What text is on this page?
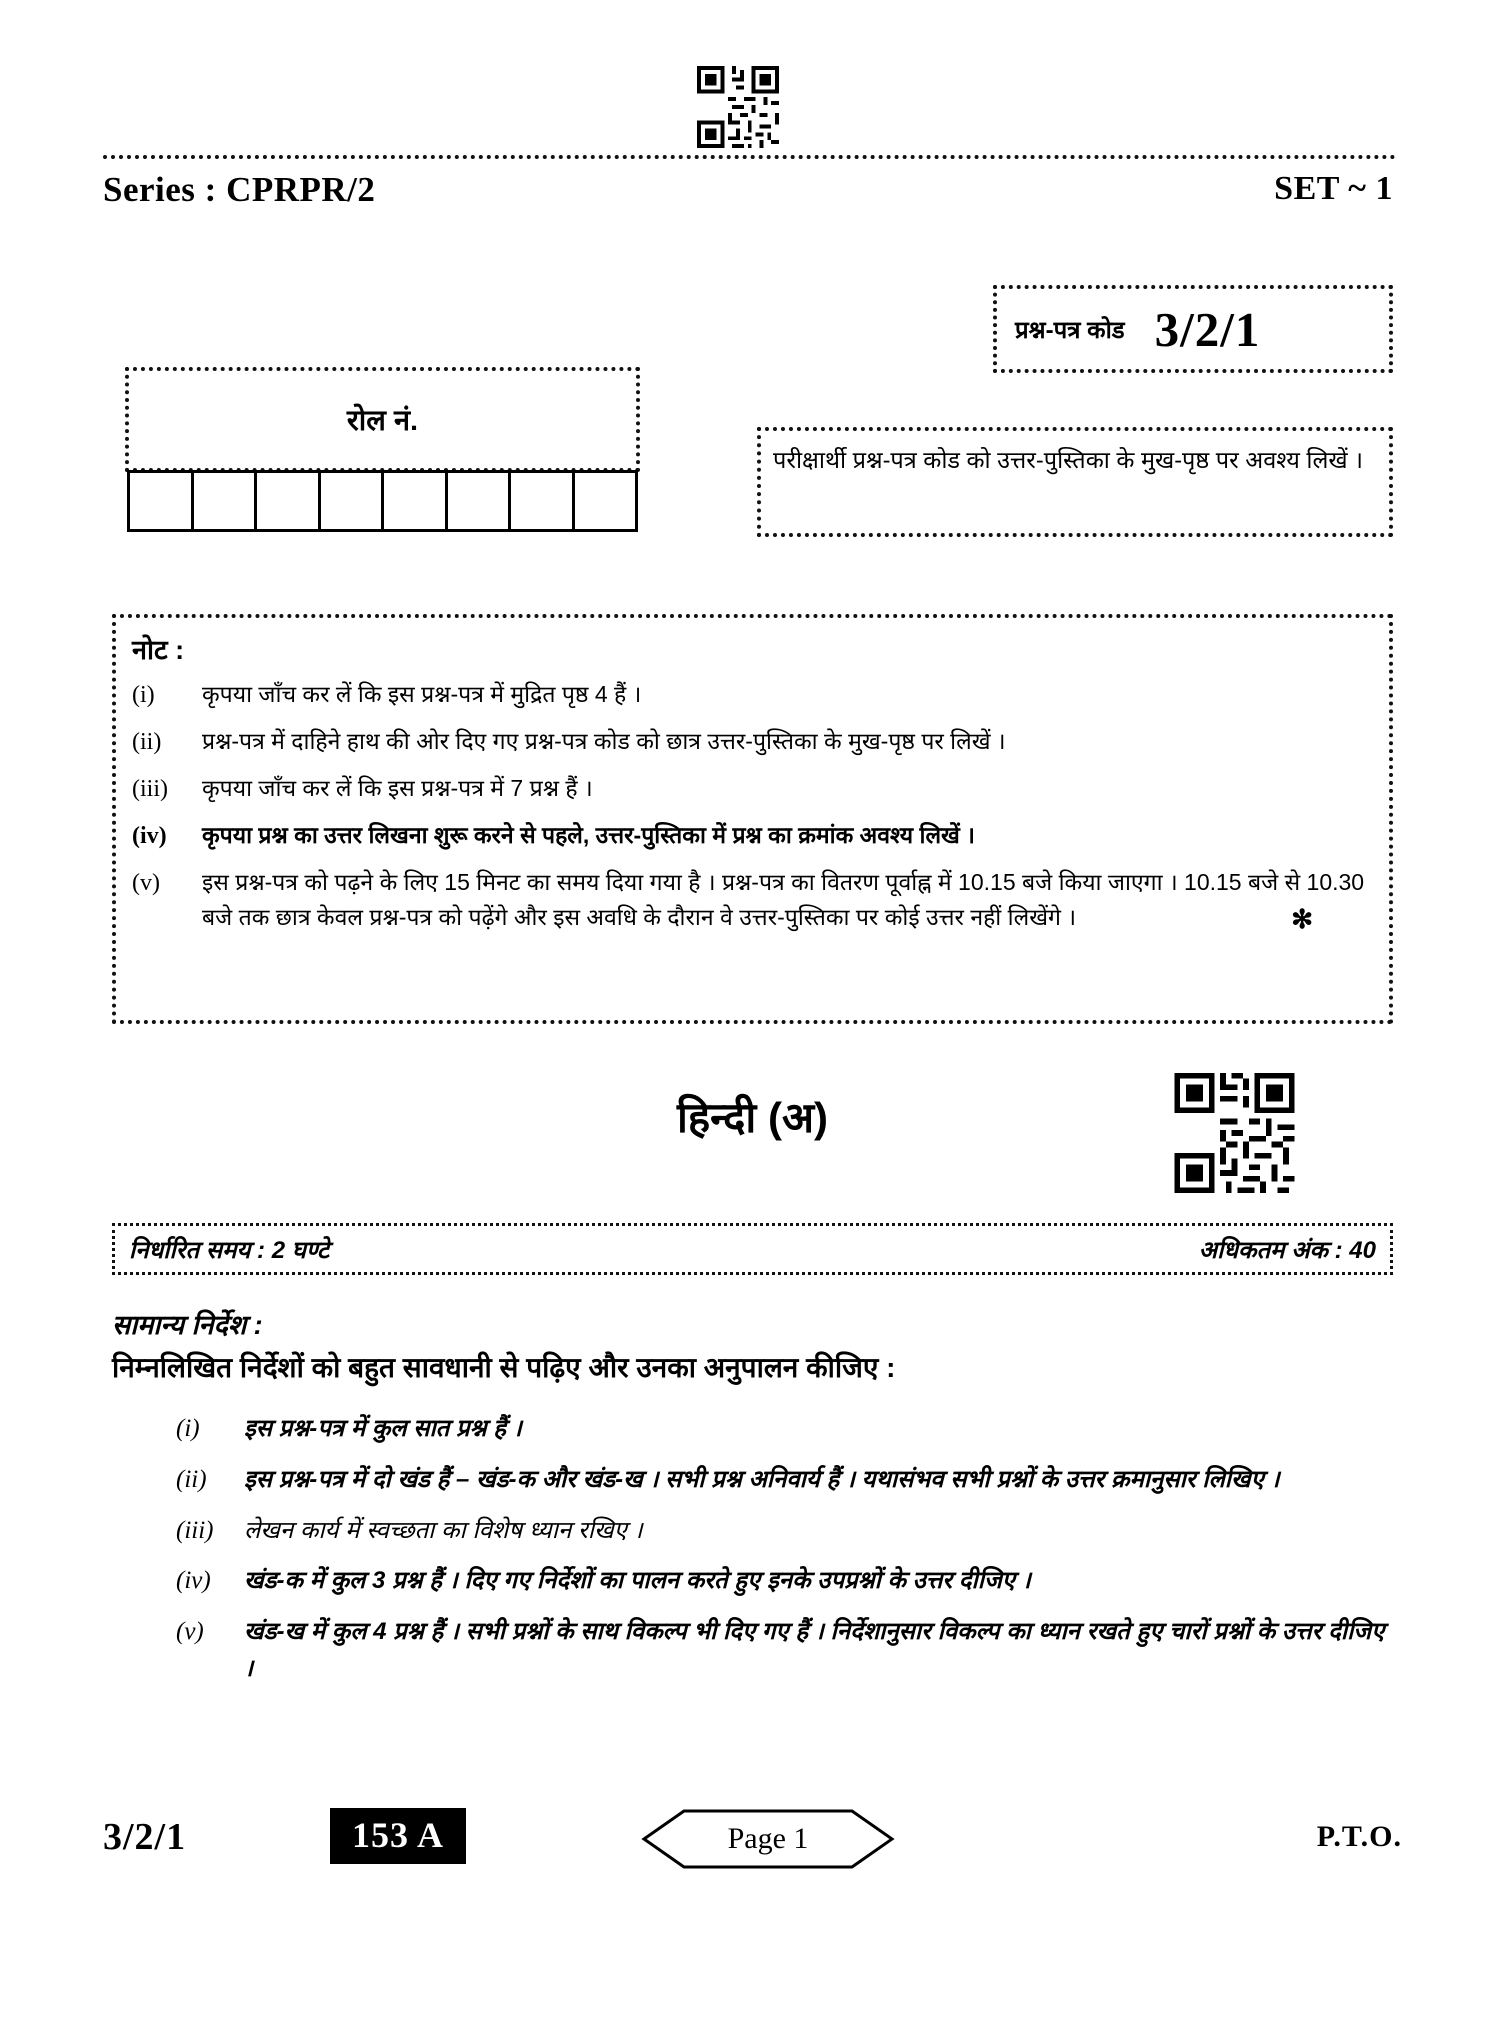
Series : CPRPR/2	SET ~ 1
प्रश्न-पत्र कोड 3/2/1
रोल नं.

परीक्षार्थी प्रश्न-पत्र कोड को उत्तर-पुस्तिका के मुख-पृष्ठ पर अवश्य लिखें ।

नोट :
(i)	कृपया जाँच कर लें कि इस प्रश्न-पत्र में मुद्रित पृष्ठ 4 हैं ।
(ii)	प्रश्न-पत्र में दाहिने हाथ की ओर दिए गए प्रश्न-पत्र कोड को छात्र उत्तर-पुस्तिका के मुख-पृष्ठ पर लिखें ।
(iii)	कृपया जाँच कर लें कि इस प्रश्न-पत्र में 7 प्रश्न हैं ।
(iv)	कृपया प्रश्न का उत्तर लिखना शुरू करने से पहले, उत्तर-पुस्तिका में प्रश्न का क्रमांक अवश्य लिखें ।
(v)	इस प्रश्न-पत्र को पढ़ने के लिए 15 मिनट का समय दिया गया है । प्रश्न-पत्र का वितरण पूर्वाह्न में 10.15 बजे किया जाएगा । 10.15 बजे से 10.30 बजे तक छात्र केवल प्रश्न-पत्र को पढ़ेंगे और इस अवधि के दौरान वे उत्तर-पुस्तिका पर कोई उत्तर नहीं लिखेंगे ।	✻
हिन्दी (अ)
निर्धारित समय : 2 घण्टे	अधिकतम अंक : 40
सामान्य निर्देश :
निम्नलिखित निर्देशों को बहुत सावधानी से पढ़िए और उनका अनुपालन कीजिए :
(i)	इस प्रश्न-पत्र में कुल सात प्रश्न हैं ।
(ii)	इस प्रश्न-पत्र में दो खंड हैं – खंड-क और खंड-ख । सभी प्रश्न अनिवार्य हैं । यथासंभव सभी प्रश्नों के उत्तर क्रमानुसार लिखिए ।
(iii)	लेखन कार्य में स्वच्छता का विशेष ध्यान रखिए ।
(iv)	खंड-क में कुल 3 प्रश्न हैं । दिए गए निर्देशों का पालन करते हुए इनके उपप्रश्नों के उत्तर दीजिए ।
(v)	खंड-ख में कुल 4 प्रश्न हैं । सभी प्रश्नों के साथ विकल्प भी दिए गए हैं । निर्देशानुसार विकल्प का ध्यान रखते हुए चारों प्रश्नों के उत्तर दीजिए ।
3/2/1	153 A	Page 1	P.T.O.
